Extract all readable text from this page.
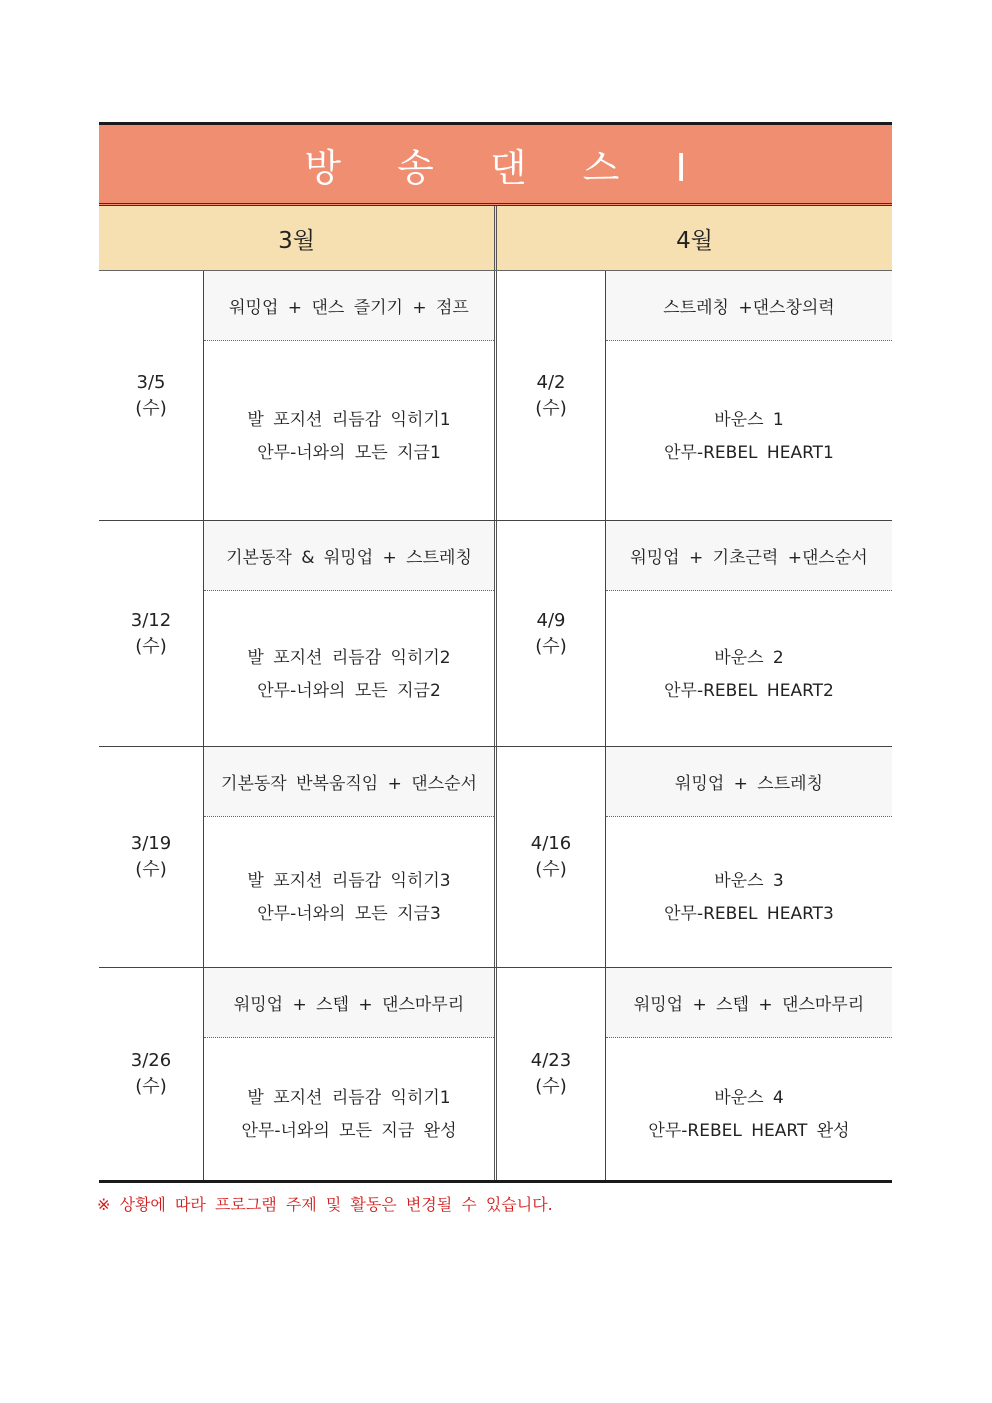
방 송 댄 스 I
3월	4월
3/5
(수)
워밍업 + 댄스 즐기기 + 점프
발 포지션 리듬감 익히기1
안무-너와의 모든 지금1
4/2
(수)
스트레칭 +댄스창의력
바운스 1
안무-REBEL HEART1
3/12
(수)
기본동작 & 워밍업 + 스트레칭
발 포지션 리듬감 익히기2
안무-너와의 모든 지금2
4/9
(수)
워밍업 + 기초근력 +댄스순서
바운스 2
안무-REBEL HEART2
3/19
(수)
기본동작 반복움직임 + 댄스순서
발 포지션 리듬감 익히기3
안무-너와의 모든 지금3
4/16
(수)
워밍업 + 스트레칭
바운스 3
안무-REBEL HEART3
3/26
(수)
워밍업 + 스텝 + 댄스마무리
발 포지션 리듬감 익히기1
안무-너와의 모든 지금 완성
4/23
(수)
워밍업 + 스텝 + 댄스마무리
바운스 4
안무-REBEL HEART 완성
※ 상황에 따라 프로그램 주제 및 활동은 변경될 수 있습니다.
